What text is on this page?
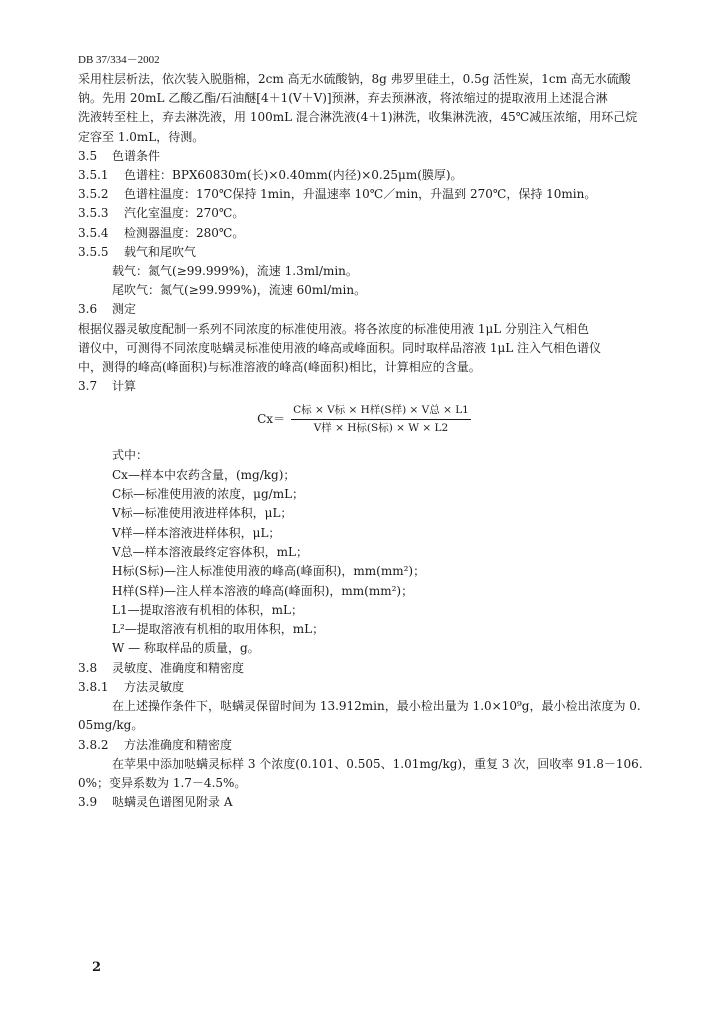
DB 37/334－2002

采用柱层析法，依次装入脱脂棉，2cm 高无水硫酸钠，8g 弗罗里硅土，0.5g 活性炭，1cm 高无水硫酸

钠。先用 20mL 乙酸乙酯/石油醚[4＋1(V＋V)]预淋，弃去预淋液，将浓缩过的提取液用上述混合淋

洗液转至柱上，弃去淋洗液，用 100mL 混合淋洗液(4＋1)淋洗，收集淋洗液，45℃减压浓缩，用环己烷

定容至 1.0mL，待测。

3.5	色谱条件
3.5.1	色谱柱：BPX60830m(长)×0.40mm(内径)×0.25μm(膜厚)。
3.5.2	色谱柱温度：170℃保持 1min，升温速率 10℃／min，升温到 270℃，保持 10min。
3.5.3	汽化室温度：270℃。
3.5.4	检测器温度：280℃。
3.5.5	载气和尾吹气

载气：氮气(≥99.999%)，流速 1.3ml/min。

尾吹气：氮气(≥99.999%)，流速 60ml/min。

3.6	测定

根据仪器灵敏度配制一系列不同浓度的标准使用液。将各浓度的标准使用液 1μL 分别注入气相色

谱仪中，可测得不同浓度哒螨灵标准使用液的峰高或峰面积。同时取样品溶液 1μL 注入气相色谱仪

中，测得的峰高(峰面积)与标准溶液的峰高(峰面积)相比，计算相应的含量。

3.7	计算
$Cx= \frac{\text{C标 × V标 × H样(S样) × V总 × L1}}{\text{V样 × H标(S标) × W × L2}}$

式中：

Cx—样本中农药含量，(mg/kg)；

C标—标准使用液的浓度，μg/mL；

V标—标准使用液进样体积，μL；

V样—样本溶液进样体积，μL；

V总—样本溶液最终定容体积，mL；

H标(S标)—注人标准使用液的峰高(峰面积)，mm(mm²)；

H样(S样)—注人样本溶液的峰高(峰面积)，mm(mm²)；

L1—提取溶液有机相的体积，mL；

L²—提取溶液有机相的取用体积，mL；

W — 称取样品的质量，g。

3.8	灵敏度、准确度和精密度
3.8.1	方法灵敏度

在上述操作条件下，哒螨灵保留时间为 13.912min，最小检出量为 1.0×10⁹g，最小检出浓度为 0.

05mg/kg。

3.8.2	方法准确度和精密度

在苹果中添加哒螨灵标样 3 个浓度(0.101、0.505、1.01mg/kg)，重复 3 次，回收率 91.8－106.

0%；变异系数为 1.7－4.5%。

3.9	哒螨灵色谱图见附录 A
2
